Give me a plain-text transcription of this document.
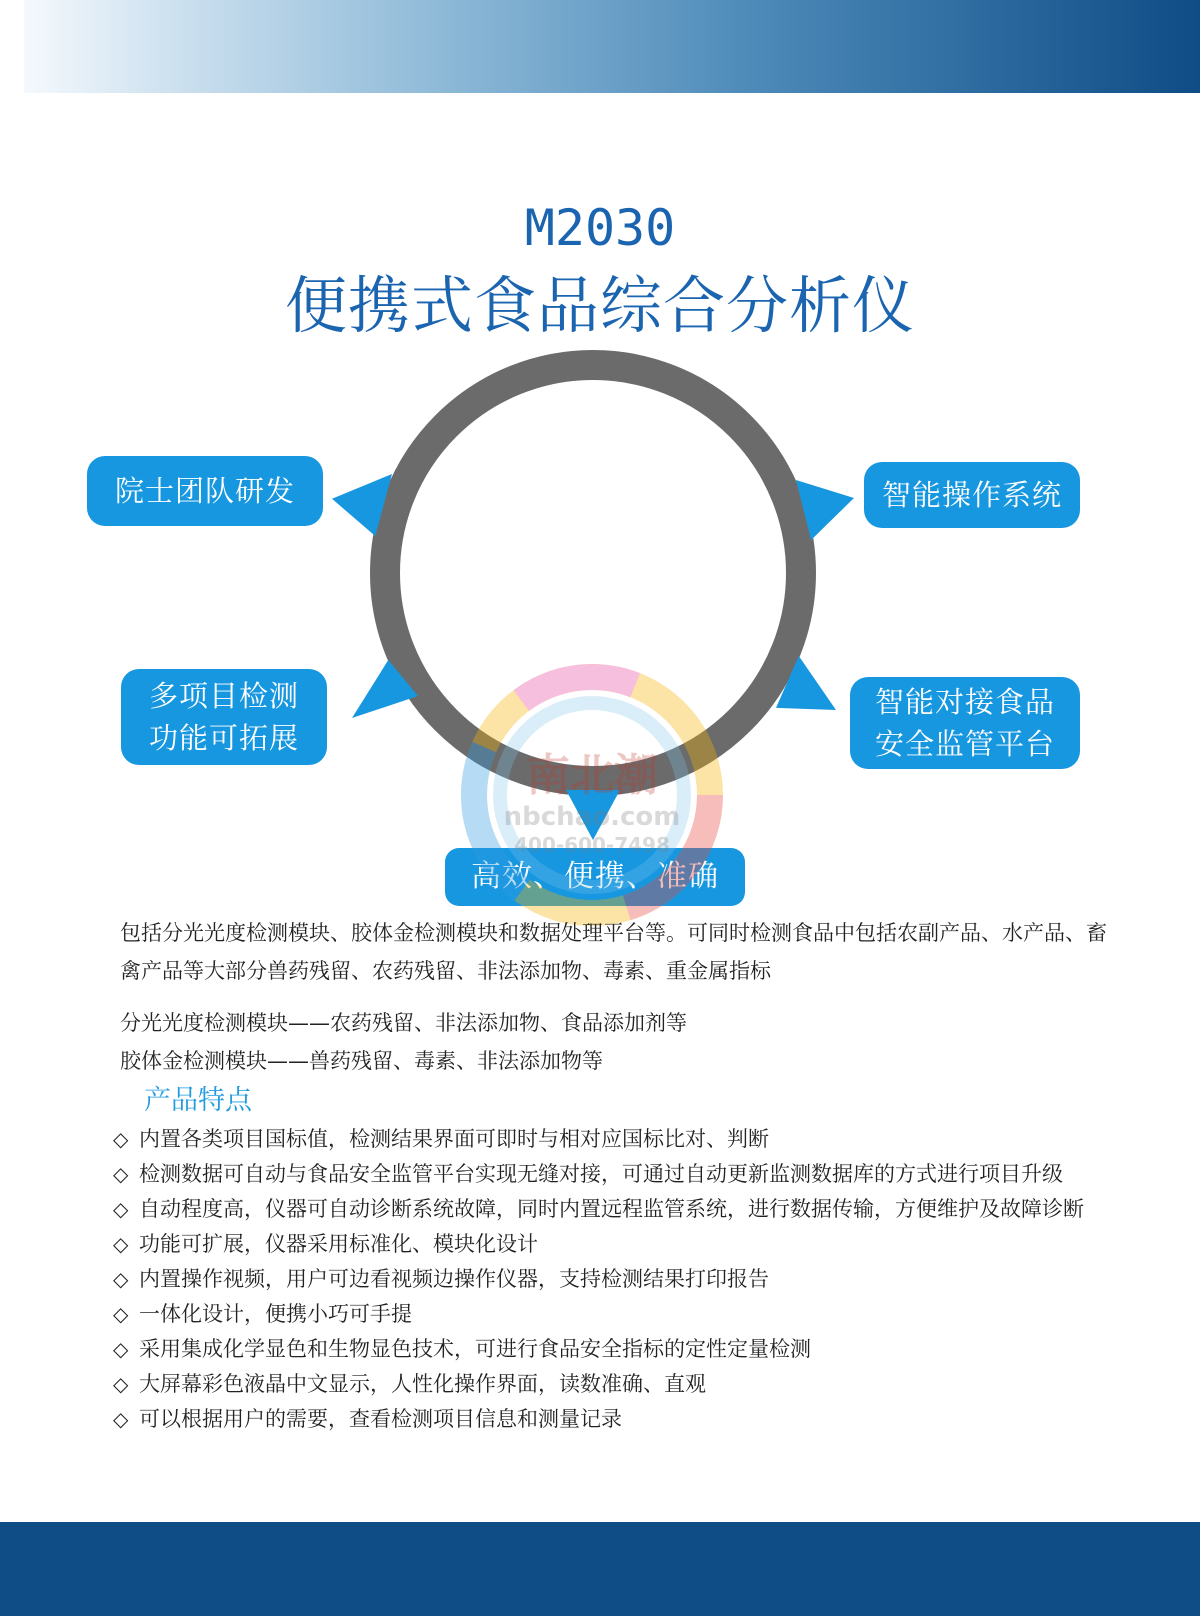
M2030
便携式食品综合分析仪
院士团队研发	智能操作系统
多项目检测
功能可拓展
智能对接食品
安全监管平台
高效、便携、准确
南北潮
nbchao.com
400-600-7498
包括分光光度检测模块、胶体金检测模块和数据处理平台等。可同时检测食品中包括农副产品、水产品、畜禽产品等大部分兽药残留、农药残留、非法添加物、毒素、重金属指标
分光光度检测模块——农药残留、非法添加物、食品添加剂等
胶体金检测模块——兽药残留、毒素、非法添加物等
产品特点
◇ 内置各类项目国标值，检测结果界面可即时与相对应国标比对、判断
◇ 检测数据可自动与食品安全监管平台实现无缝对接，可通过自动更新监测数据库的方式进行项目升级
◇ 自动程度高，仪器可自动诊断系统故障，同时内置远程监管系统，进行数据传输，方便维护及故障诊断
◇ 功能可扩展，仪器采用标准化、模块化设计
◇ 内置操作视频，用户可边看视频边操作仪器，支持检测结果打印报告
◇ 一体化设计，便携小巧可手提
◇ 采用集成化学显色和生物显色技术，可进行食品安全指标的定性定量检测
◇ 大屏幕彩色液晶中文显示，人性化操作界面，读数准确、直观
◇ 可以根据用户的需要，查看检测项目信息和测量记录
